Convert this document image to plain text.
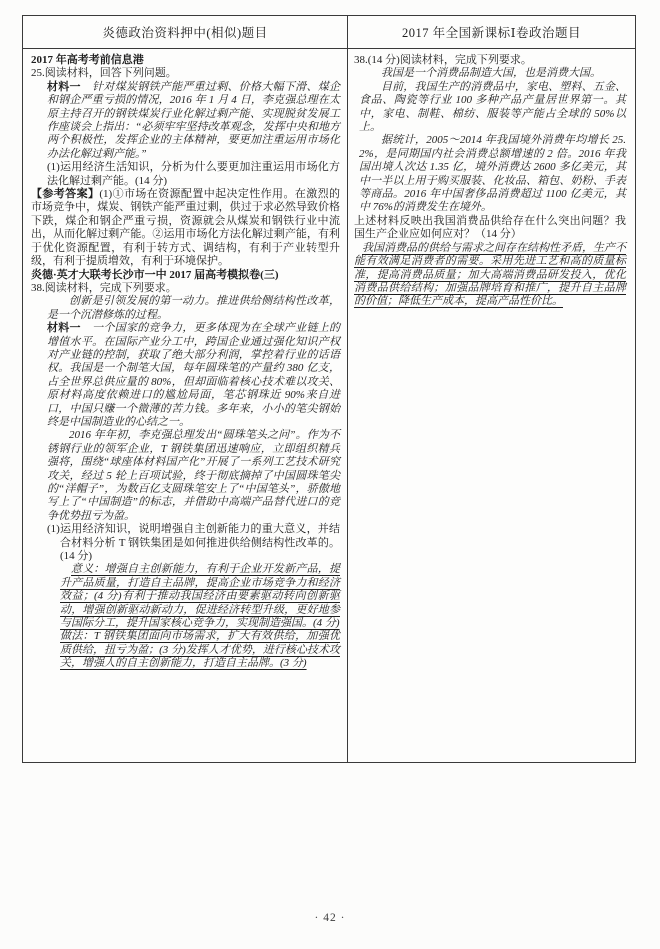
炎德政治资料押中(相似)题目	2017 年全国新课标Ⅰ卷政治题目

2017 年高考考前信息港

25.阅读材料，回答下列问题。

材料一　针对煤炭钢铁产能严重过剩、价格大幅下滑、煤企和钢企严重亏损的情况，2016 年 1 月 4 日，李克强总理在太原主持召开的钢铁煤炭行业化解过剩产能、实现脱贫发展工作座谈会上指出：“必须牢牢坚持改革观念，发挥中央和地方两个积极性，发挥企业的主体精神，要更加注重运用市场化办法化解过剩产能。”

(1)运用经济生活知识，分析为什么要更加注重运用市场化方法化解过剩产能。(14 分)

【参考答案】(1)①市场在资源配置中起决定性作用。在激烈的市场竞争中，煤炭、钢铁产能严重过剩，供过于求必然导致价格下跌，煤企和钢企严重亏损，资源就会从煤炭和钢铁行业中流出，从而化解过剩产能。②运用市场化方法化解过剩产能，有利于优化资源配置，有利于转方式、调结构，有利于产业转型升级，有利于提质增效，有利于环境保护。

炎德·英才大联考长沙市一中 2017 届高考模拟卷(三)

38.阅读材料，完成下列要求。

创新是引领发展的第一动力。推进供给侧结构性改革，是一个沉潜修炼的过程。

材料一　一个国家的竞争力，更多体现为在全球产业链上的增值水平。在国际产业分工中，跨国企业通过强化知识产权对产业链的控制，获取了绝大部分利润，掌控着行业的话语权。我国是一个制笔大国，每年圆珠笔的产量约 380 亿支，占全世界总供应量的 80%，但却面临着核心技术难以攻关、原材料高度依赖进口的尴尬局面，笔芯钢珠近 90%来自进口，中国只赚一个微薄的苦力钱。多年来，小小的笔尖钢始终是中国制造业的心结之一。

2016 年年初，李克强总理发出“圆珠笔头之问”。作为不锈钢行业的领军企业，T 钢铁集团迅速响应，立即组织精兵强将，围绕“球座体材料国产化”开展了一系列工艺技术研究攻关，经过 5 轮上百项试验，终于彻底摘掉了中国圆珠笔尖的“洋帽子”，为数百亿支圆珠笔安上了“中国笔头”，骄傲地写上了“中国制造”的标志，并借助中高端产品替代进口的竞争优势扭亏为盈。

(1)运用经济知识，说明增强自主创新能力的重大意义，并结合材料分析 T 钢铁集团是如何推进供给侧结构性改革的。(14 分)

意义：增强自主创新能力，有利于企业开发新产品，提升产品质量，打造自主品牌，提高企业市场竞争力和经济效益；(4 分)有利于推动我国经济由要素驱动转向创新驱动，增强创新驱动新动力，促进经济转型升级，更好地参与国际分工，提升国家核心竞争力，实现制造强国。(4 分)

做法：T 钢铁集团面向市场需求，扩大有效供给，加强优质供给，扭亏为盈；(3 分)发挥人才优势，进行核心技术攻关，增强人的自主创新能力，打造自主品牌。(3 分)

38.(14 分)阅读材料，完成下列要求。

我国是一个消费品制造大国，也是消费大国。

目前，我国生产的消费品中，家电、塑料、五金、食品、陶瓷等行业 100 多种产品产量居世界第一。其中，家电、制鞋、棉纺、服装等产能占全球的 50%以上。

据统计，2005～2014 年我国境外消费年均增长 25.2%，是同期国内社会消费总额增速的 2 倍。2016 年我国出境人次达 1.35 亿，境外消费达 2600 多亿美元，其中一半以上用于购买服装、化妆品、箱包、奶粉、手表等商品。2016 年中国奢侈品消费超过 1100 亿美元，其中 76%的消费发生在境外。

上述材料反映出我国消费品供给存在什么突出问题？我国生产企业应如何应对？（14 分）

我国消费品的供给与需求之间存在结构性矛盾，生产不能有效满足消费者的需要。采用先进工艺和高的质量标准，提高消费品质量；加大高端消费品研发投入，优化消费品供给结构；加强品牌培育和推广，提升自主品牌的价值；降低生产成本，提高产品性价比。

· 42 ·
